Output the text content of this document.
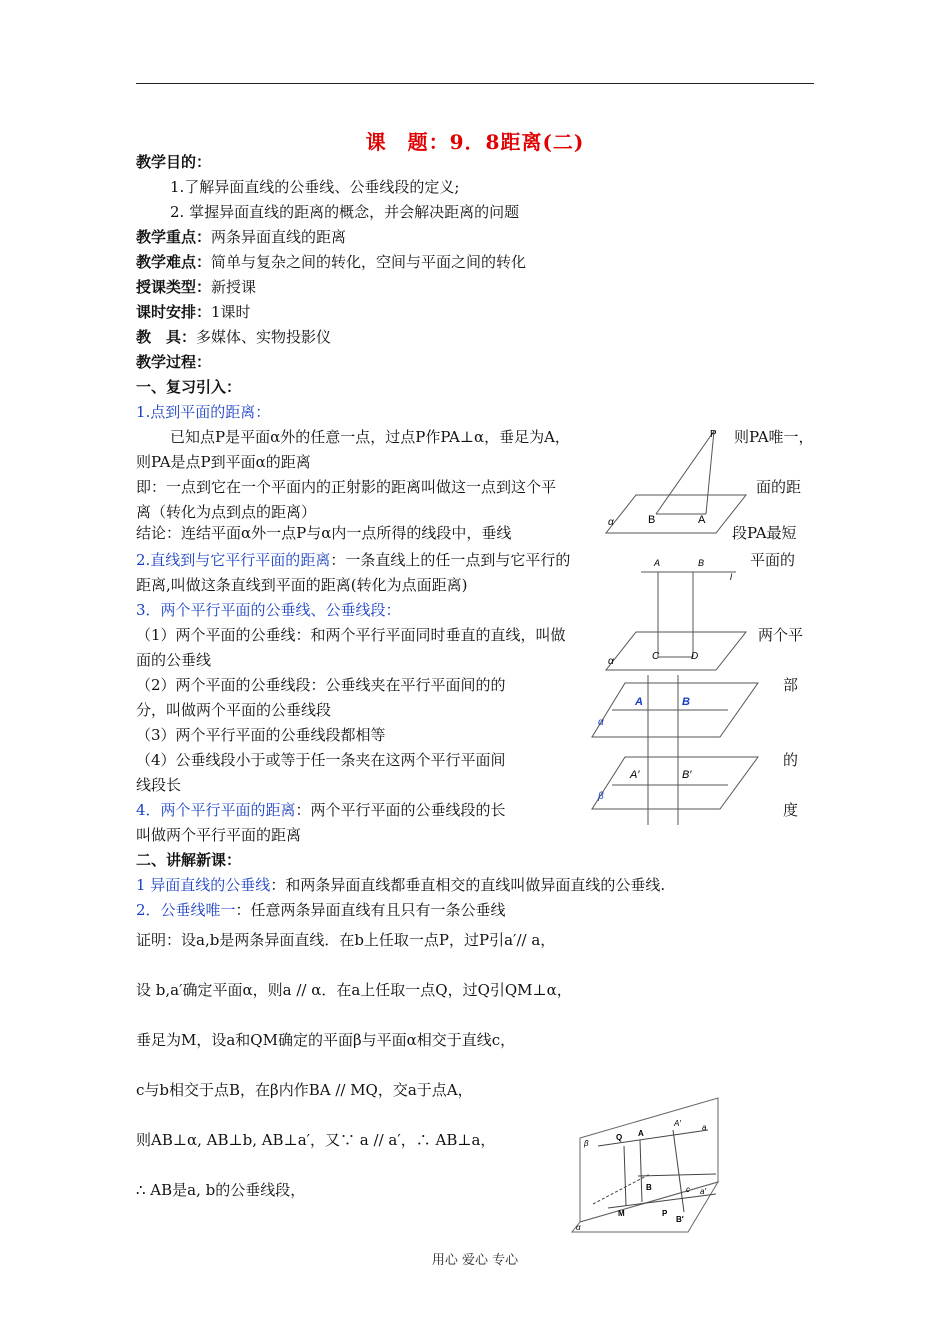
课　题：9．8距离(二)
教学目的：
1.了解异面直线的公垂线、公垂线段的定义;
2. 掌握异面直线的距离的概念，并会解决距离的问题
教学重点：两条异面直线的距离
教学难点：简单与复杂之间的转化，空间与平面之间的转化
授课类型：新授课
课时安排：1课时
教　具：多媒体、实物投影仪
教学过程：
一、复习引入：
1.点到平面的距离：
已知点P是平面α外的任意一点，过点P作PA⊥α，垂足为A，	则PA唯一，
则PA是点P到平面α的距离
即：一点到它在一个平面内的正射影的距离叫做这一点到这个平	面的距
离（转化为点到点的距离）
结论：连结平面α外一点P与α内一点所得的线段中，垂线	段PA最短
2.直线到与它平行平面的距离：一条直线上的任一点到与它平行的	平面的
距离,叫做这条直线到平面的距离(转化为点面距离)
3．两个平行平面的公垂线、公垂线段：
（1）两个平面的公垂线：和两个平行平面同时垂直的直线，叫做	两个平
面的公垂线
（2）两个平面的公垂线段：公垂线夹在平行平面间的的	部
分，叫做两个平面的公垂线段
（3）两个平行平面的公垂线段都相等
（4）公垂线段小于或等于任一条夹在这两个平行平面间	的
线段长
4．两个平行平面的距离：两个平行平面的公垂线段的长	度
叫做两个平行平面的距离
二、讲解新课：
1 异面直线的公垂线：和两条异面直线都垂直相交的直线叫做异面直线的公垂线.
2．公垂线唯一：任意两条异面直线有且只有一条公垂线
证明：设a,b是两条异面直线．在b上任取一点P，过P引a′// a，
设 b,a′确定平面α，则a // α．在a上任取一点Q，过Q引QM⊥α，
垂足为M，设a和QM确定的平面β与平面α相交于直线c，
c与b相交于点B，在β内作BA // MQ，交a于点A，
则AB⊥α, AB⊥b, AB⊥a′，又∵ a // a′，∴ AB⊥a，
∴ AB是a, b的公垂线段，
P
B	A
α
A	B
l
C	D
α
A	B
A′	B′
α
β
β
Q A
A′	a
B	c a′
M	P
B′
α
用心 爱心 专心
